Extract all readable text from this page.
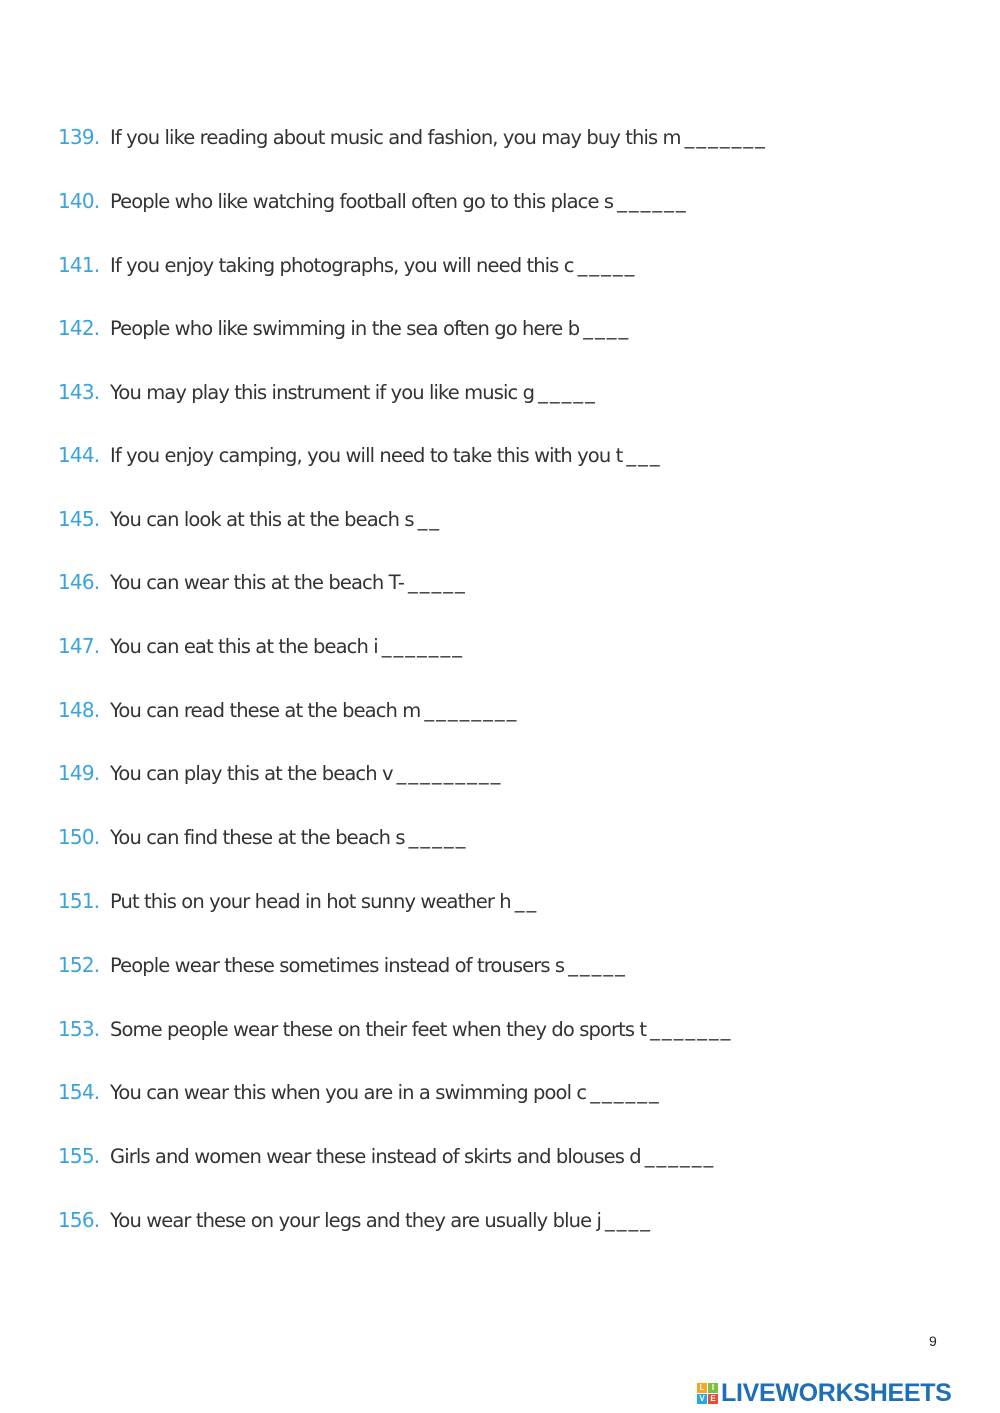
139. If you like reading about music and fashion, you may buy this m _______
140. People who like watching football often go to this place s ______
141. If you enjoy taking photographs, you will need this c _____
142. People who like swimming in the sea often go here b ____
143. You may play this instrument if you like music g _____
144. If you enjoy camping, you will need to take this with you t ___
145. You can look at this at the beach s __
146. You can wear this at the beach T- _____
147. You can eat this at the beach i _______
148. You can read these at the beach m ________
149. You can play this at the beach v _________
150. You can find these at the beach s _____
151. Put this on your head in hot sunny weather h __
152. People wear these sometimes instead of trousers s _____
153. Some people wear these on their feet when they do sports t _______
154. You can wear this when you are in a swimming pool c ______
155. Girls and women wear these instead of skirts and blouses d ______
156. You wear these on your legs and they are usually blue j ____
9
L I
V E LIVEWORKSHEETS
